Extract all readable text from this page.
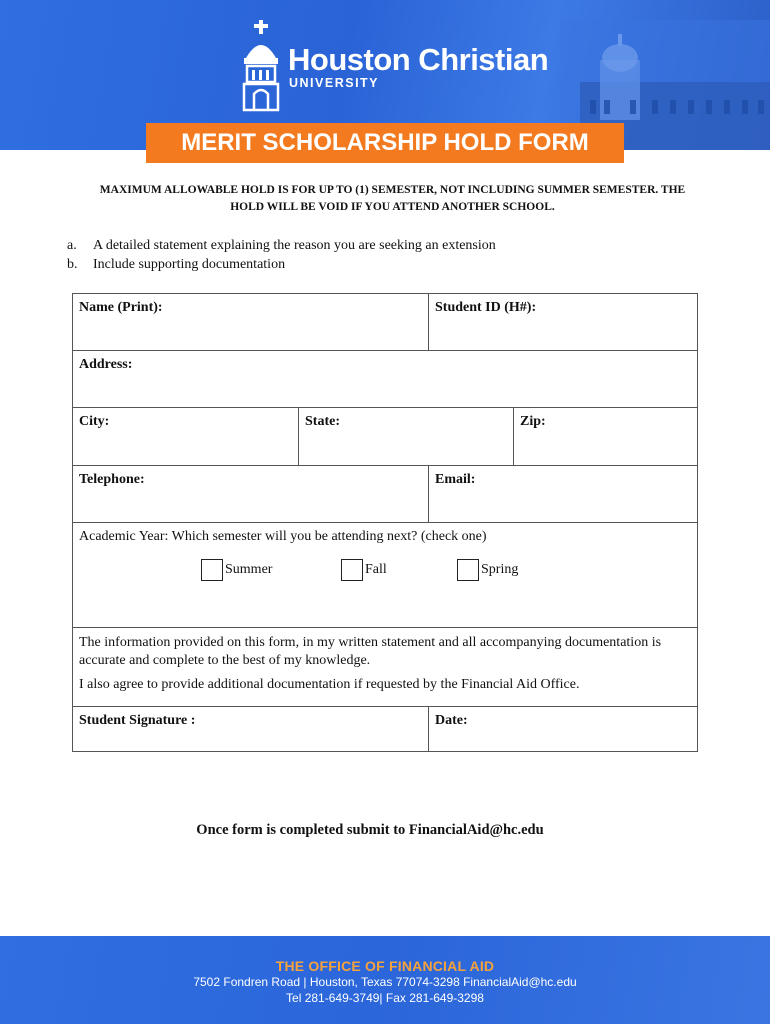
Houston Christian
UNIVERSITY
MERIT SCHOLARSHIP HOLD FORM
MAXIMUM ALLOWABLE HOLD IS FOR UP TO (1) SEMESTER, NOT INCLUDING SUMMER SEMESTER. THE
HOLD WILL BE VOID IF YOU ATTEND ANOTHER SCHOOL.
a.	A detailed statement explaining the reason you are seeking an extension
b.	Include supporting documentation
Name (Print):	Student ID (H#):
Address:
City:		State:	Zip:

Telephone:	Email:

Academic Year: Which semester will you be attending next? (check one)
Summer	Fall	Spring

The information provided on this form, in my written statement and all accompanying documentation is accurate and complete to the best of my knowledge.

I also agree to provide additional documentation if requested by the Financial Aid Office.

Student Signature :	Date:
Once form is completed submit to FinancialAid@hc.edu
THE OFFICE OF FINANCIAL AID
7502 Fondren Road | Houston, Texas 77074-3298 FinancialAid@hc.edu
Tel 281-649-3749| Fax 281-649-3298
